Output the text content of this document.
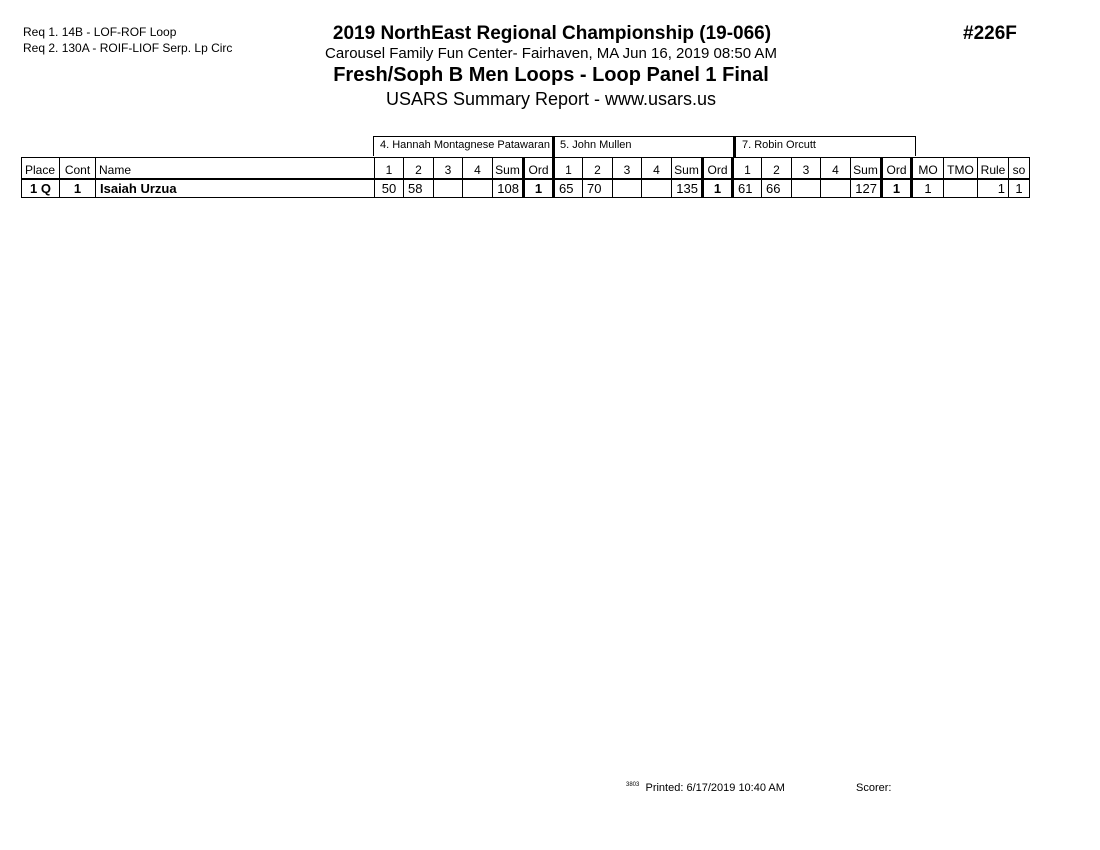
Req 1. 14B - LOF-ROF Loop
Req 2. 130A - ROIF-LIOF Serp. Lp Circ
2019 NorthEast Regional Championship (19-066)
Carousel Family Fun Center- Fairhaven, MA Jun 16, 2019 08:50 AM
Fresh/Soph B Men Loops - Loop Panel 1 Final
USARS Summary Report - www.usars.us
#226F
4. Hannah Montagnese Patawaran 5. John Mullen	7. Robin Orcutt
Place	Cont	Name	1	2	3	4	Sum	Ord	1	2	3	4	Sum	Ord	1	2	3	4	Sum	Ord	MO	TMO	Rule	so
1 Q	1	Isaiah Urzua	50	58			108	1	65	70			135	1	61	66			127	1	1		1	1
$^{3803}$ Printed: 6/17/2019 10:40 AM	Scorer:
